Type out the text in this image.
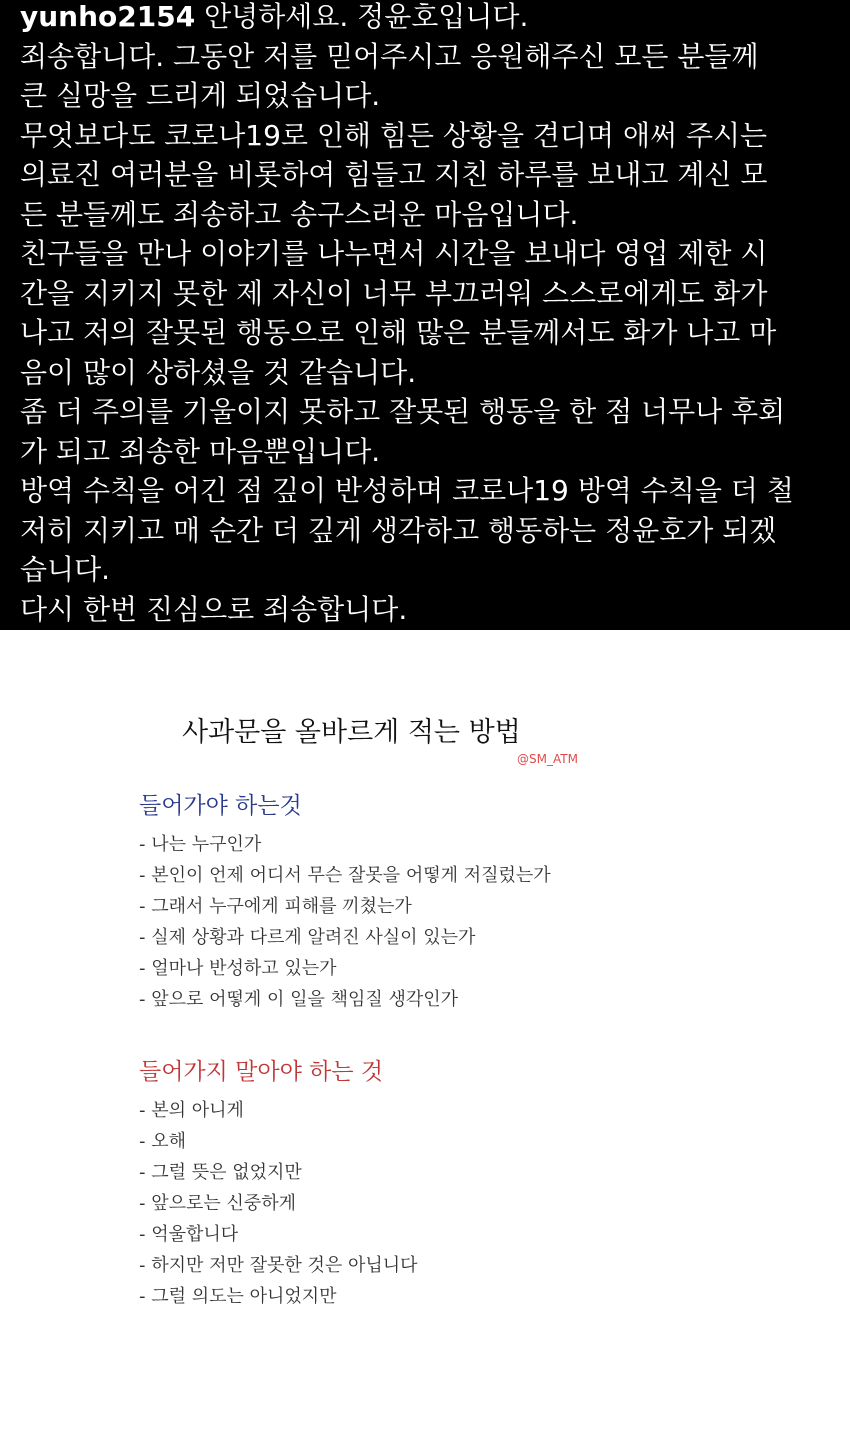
yunho2154 안녕하세요. 정윤호입니다.
죄송합니다. 그동안 저를 믿어주시고 응원해주신 모든 분들께
큰 실망을 드리게 되었습니다.
무엇보다도 코로나19로 인해 힘든 상황을 견디며 애써 주시는
의료진 여러분을 비롯하여 힘들고 지친 하루를 보내고 계신 모
든 분들께도 죄송하고 송구스러운 마음입니다.
친구들을 만나 이야기를 나누면서 시간을 보내다 영업 제한 시
간을 지키지 못한 제 자신이 너무 부끄러워 스스로에게도 화가
나고 저의 잘못된 행동으로 인해 많은 분들께서도 화가 나고 마
음이 많이 상하셨을 것 같습니다.
좀 더 주의를 기울이지 못하고 잘못된 행동을 한 점 너무나 후회
가 되고 죄송한 마음뿐입니다.
방역 수칙을 어긴 점 깊이 반성하며 코로나19 방역 수칙을 더 철
저히 지키고 매 순간 더 깊게 생각하고 행동하는 정윤호가 되겠
습니다.
다시 한번 진심으로 죄송합니다.
사과문을 올바르게 적는 방법
@SM_ATM
들어가야 하는것
- 나는 누구인가
- 본인이 언제 어디서 무슨 잘못을 어떻게 저질렀는가
- 그래서 누구에게 피해를 끼쳤는가
- 실제 상황과 다르게 알려진 사실이 있는가
- 얼마나 반성하고 있는가
- 앞으로 어떻게 이 일을 책임질 생각인가
들어가지 말아야 하는 것
- 본의 아니게
- 오해
- 그럴 뜻은 없었지만
- 앞으로는 신중하게
- 억울합니다
- 하지만 저만 잘못한 것은 아닙니다
- 그럴 의도는 아니었지만
